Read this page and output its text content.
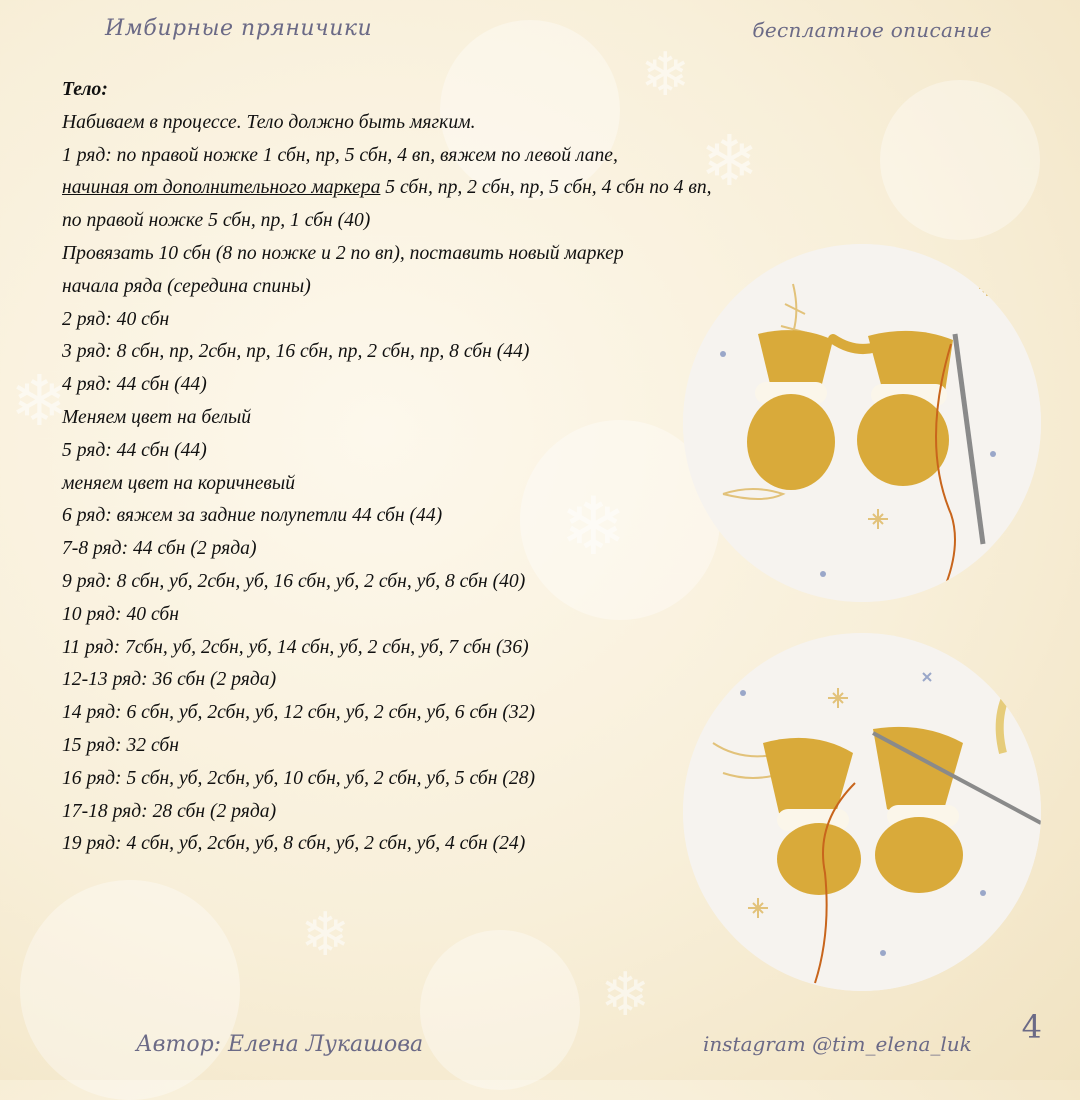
❄
❄
❄
❄
❄
❄
Имбирные пряничики	бесплатное описание
Тело:
Набиваем в процессе. Тело должно быть мягким.
1 ряд: по правой ножке 1 сбн, пр, 5 сбн, 4 вп, вяжем по левой лапе,
начиная от дополнительного маркера 5 сбн, пр, 2 сбн, пр, 5 сбн, 4 сбн по 4 вп,
по правой ножке 5 сбн, пр, 1 сбн (40)
Провязать 10 сбн (8 по ножке и 2 по вп), поставить новый маркер
начала ряда (середина спины)
2 ряд: 40 сбн
3 ряд: 8 сбн, пр, 2сбн, пр, 16 сбн, пр, 2 сбн, пр, 8 сбн (44)
4 ряд: 44 сбн (44)
Меняем цвет на белый
5 ряд: 44 сбн (44)
меняем цвет на коричневый
6 ряд: вяжем за задние полупетли 44 сбн (44)
7-8 ряд: 44 сбн (2 ряда)
9 ряд: 8 сбн, уб, 2сбн, уб, 16 сбн, уб, 2 сбн, уб, 8 сбн (40)
10 ряд: 40 сбн
11 ряд: 7сбн, уб, 2сбн, уб, 14 сбн, уб, 2 сбн, уб, 7 сбн (36)
12-13 ряд: 36 сбн (2 ряда)
14 ряд: 6 сбн, уб, 2сбн, уб, 12 сбн, уб, 2 сбн, уб, 6 сбн (32)
15 ряд: 32 сбн
16 ряд: 5 сбн, уб, 2сбн, уб, 10 сбн, уб, 2 сбн, уб, 5 сбн (28)
17-18 ряд: 28 сбн (2 ряда)
19 ряд: 4 сбн, уб, 2сбн, уб, 8 сбн, уб, 2 сбн, уб, 4 сбн (24)
Автор: Елена Лукашова	instagram @tim_elena_luk 4
